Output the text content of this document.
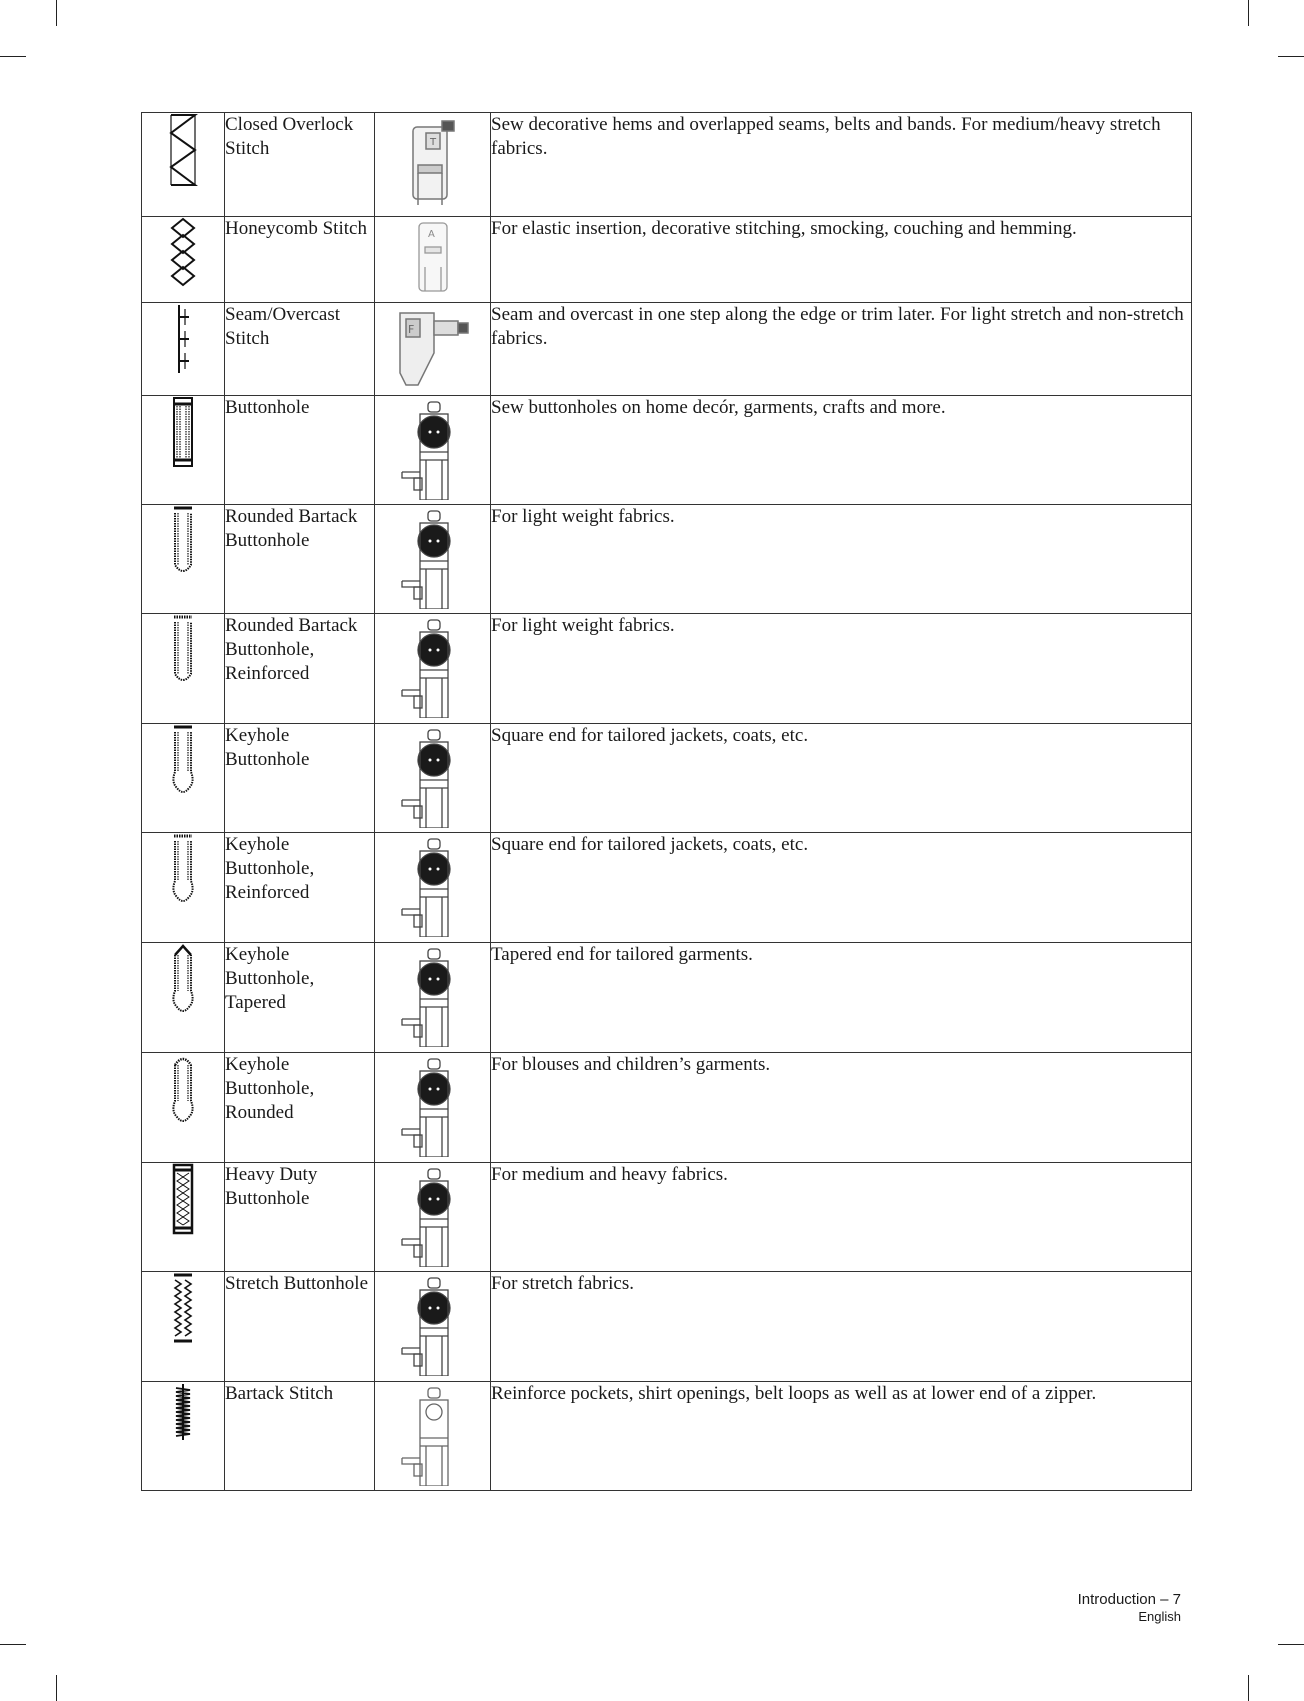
	Closed Overlock Stitch	T	Sew decorative hems and overlapped seams, belts and bands. For medium/heavy stretch fabrics.

	Honeycomb Stitch	A	For elastic insertion, decorative stitching, smocking, couching and hemming.

	Seam/Overcast Stitch	F	Seam and overcast in one step along the edge or trim later. For light stretch and non-stretch fabrics.

	Buttonhole		Sew buttonholes on home decór, garments, crafts and more.

	Rounded Bartack Buttonhole		For light weight fabrics.

	Rounded Bartack Buttonhole, Reinforced		For light weight fabrics.

	Keyhole Buttonhole		Square end for tailored jackets, coats, etc.

	Keyhole Buttonhole, Reinforced		Square end for tailored jackets, coats, etc.

	Keyhole Buttonhole, Tapered		Tapered end for tailored garments.

	Keyhole Buttonhole, Rounded		For blouses and children’s garments.

	Heavy Duty Buttonhole		For medium and heavy fabrics.

	Stretch Buttonhole		For stretch fabrics.

	Bartack Stitch		Reinforce pockets, shirt openings, belt loops as well as at lower end of a zipper.
Introduction – 7
English
